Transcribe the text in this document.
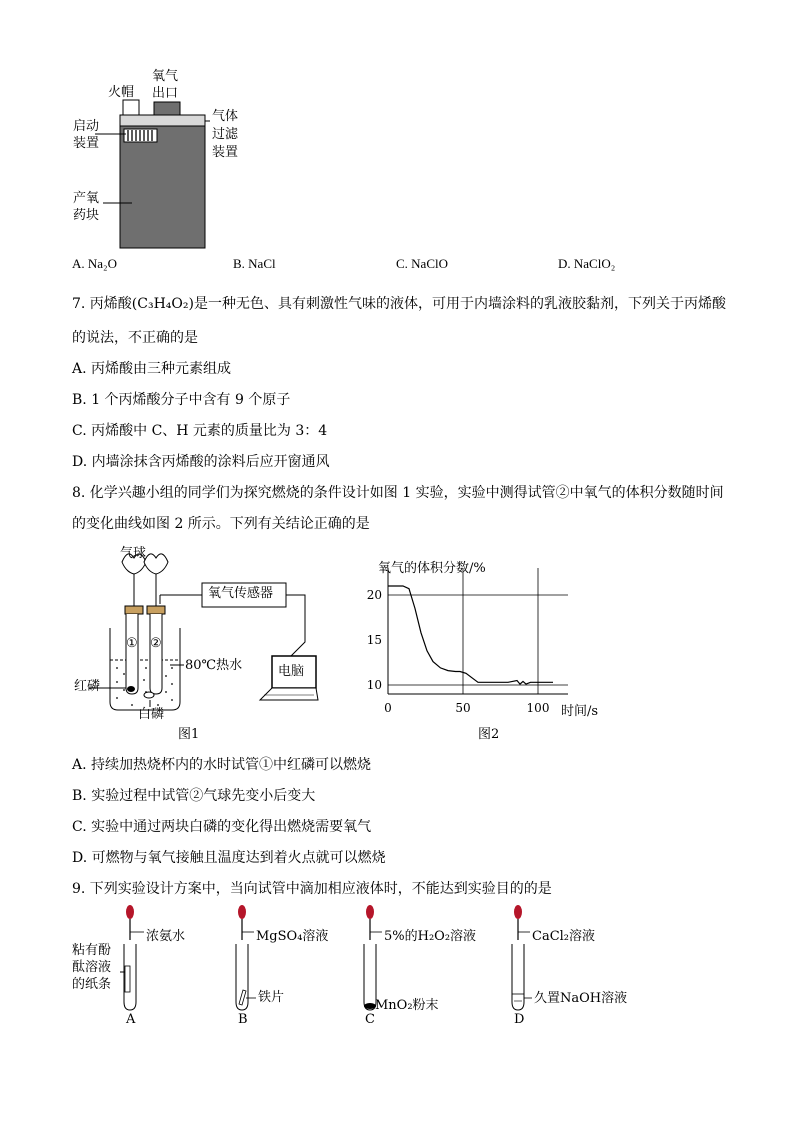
火帽
氧气出口
启动装置
气体过滤装置
产氧药块
A. Na₂O	B. NaCl	C. NaClO	D. NaClO₂
7. 丙烯酸(C₃H₄O₂)是一种无色、具有刺激性气味的液体，可用于内墙涂料的乳液胶黏剂，下列关于丙烯酸
的说法，不正确的是
A. 丙烯酸由三种元素组成
B. 1 个丙烯酸分子中含有 9 个原子
C. 丙烯酸中 C、H 元素的质量比为 3：4
D. 内墙涂抹含丙烯酸的涂料后应开窗通风
8. 化学兴趣小组的同学们为探究燃烧的条件设计如图 1 实验，实验中测得试管②中氧气的体积分数随时间
的变化曲线如图 2 所示。下列有关结论正确的是
气球
氧气传感器
电脑
① ②
80℃热水
红磷
白磷
图1
10
15
20
0	50	100
氧气的体积分数/%
时间/s
图2
A. 持续加热烧杯内的水时试管①中红磷可以燃烧
B. 实验过程中试管②气球先变小后变大
C. 实验中通过两块白磷的变化得出燃烧需要氧气
D. 可燃物与氧气接触且温度达到着火点就可以燃烧
9. 下列实验设计方案中，当向试管中滴加相应液体时，不能达到实验目的的是
粘有酚酞溶液的纸条
浓氨水
A
MgSO₄溶液
铁片
B
5%的H₂O₂溶液
MnO₂粉末
C
CaCl₂溶液
久置NaOH溶液
D
